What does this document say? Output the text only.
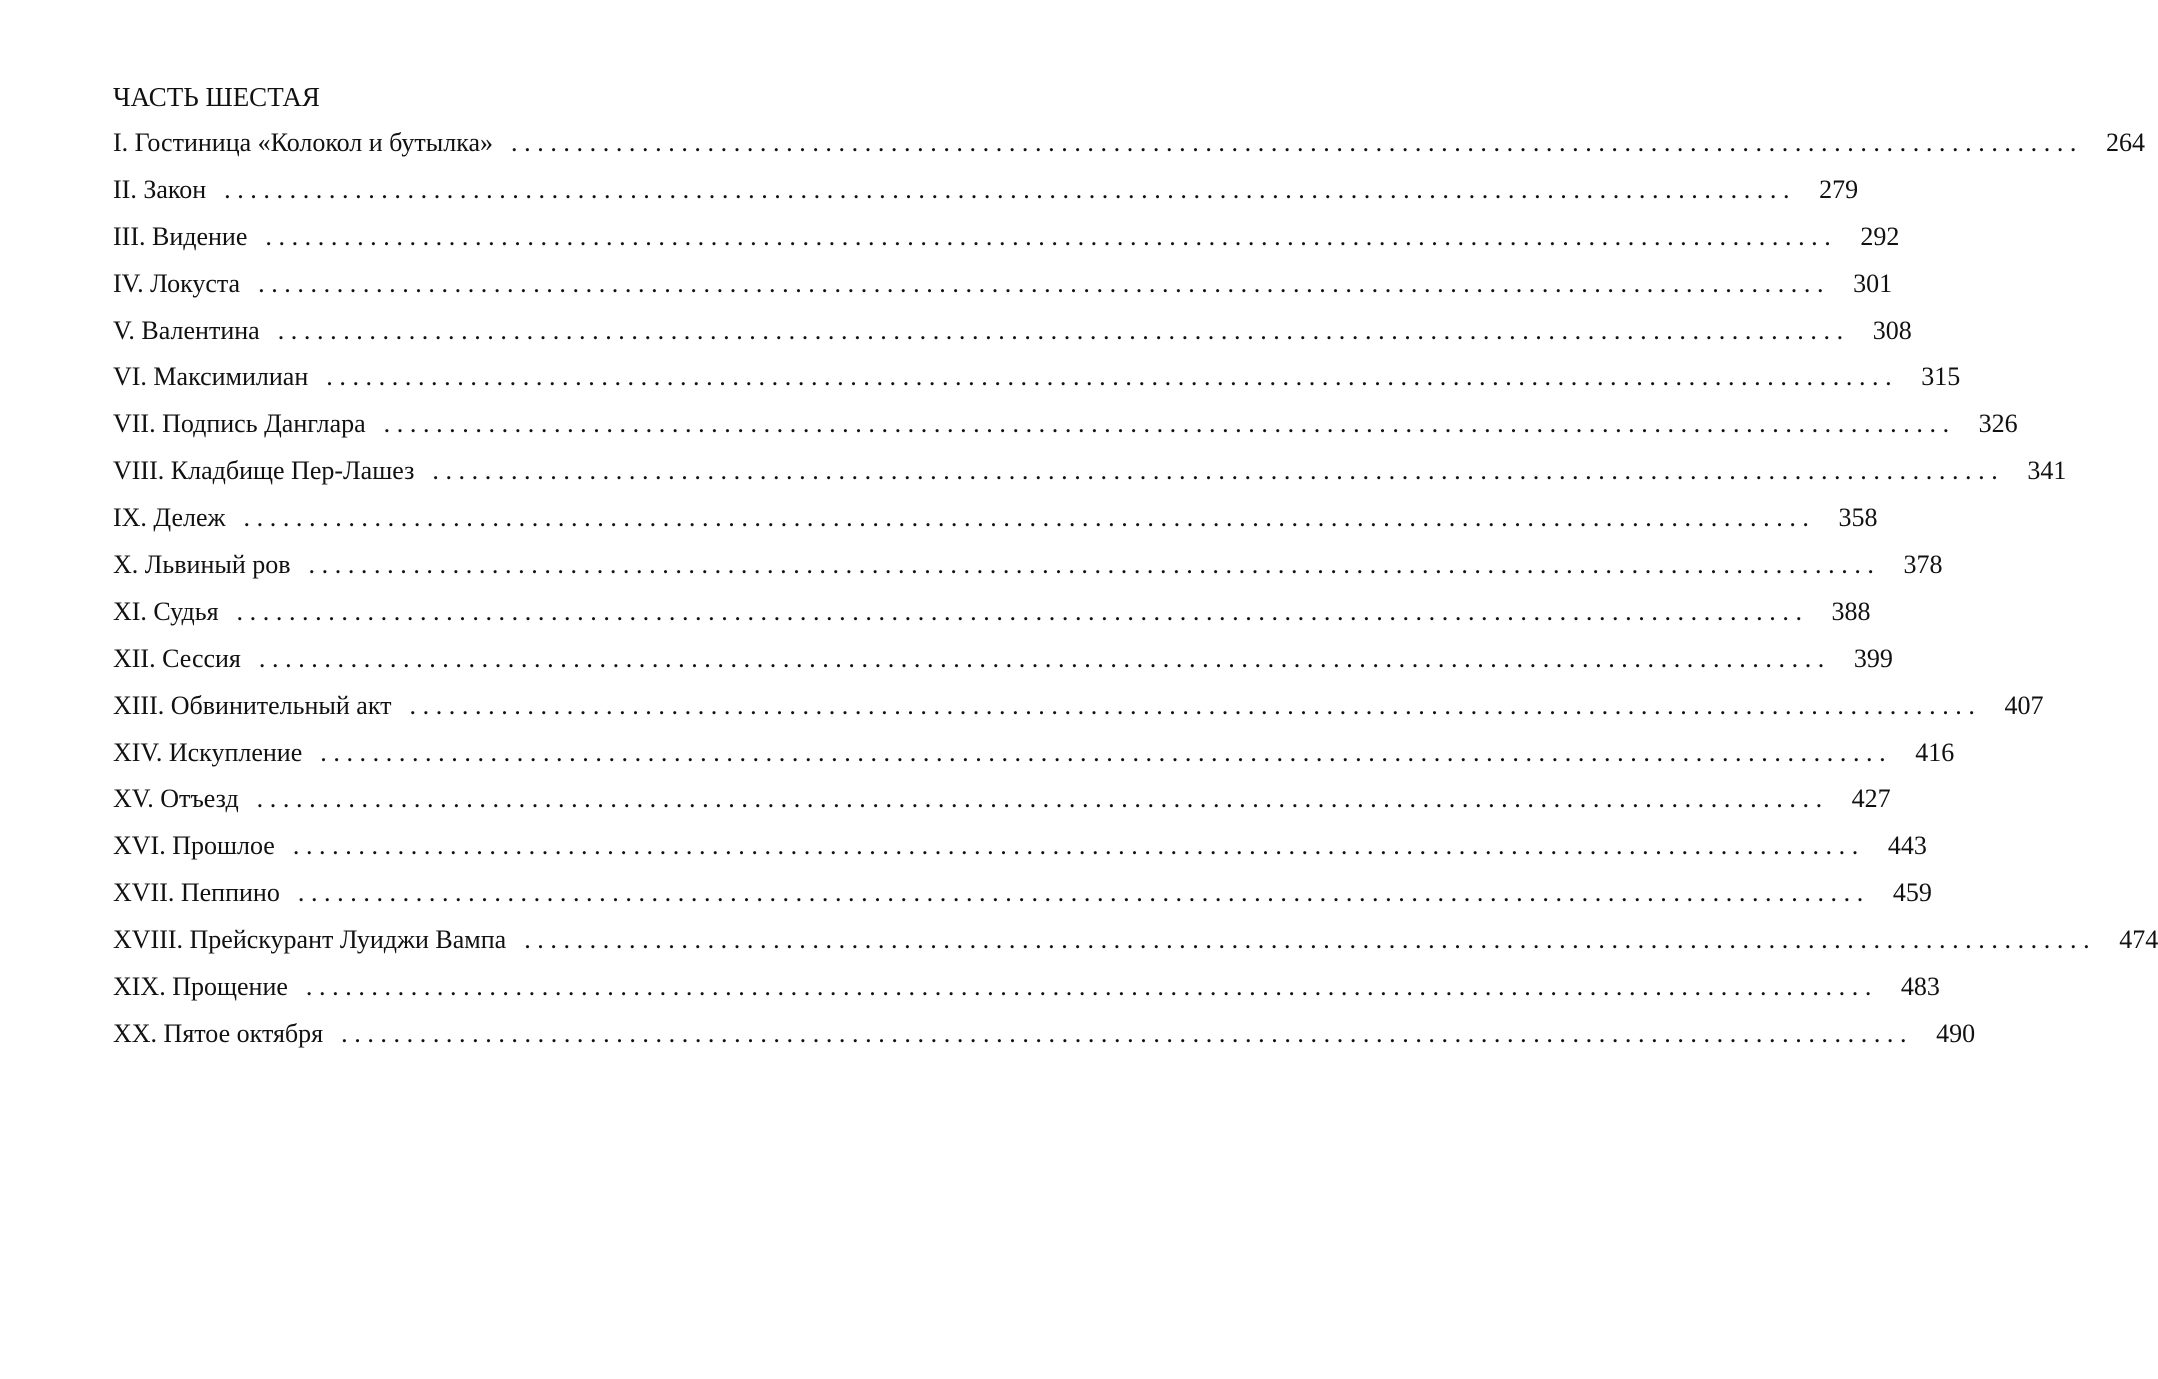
ЧАСТЬ ШЕСТАЯ
I. Гостиница «Колокол и бутылка» ........................................................................................................................ 264
II. Закон ........................................................................................................................ 279
III. Видение ........................................................................................................................ 292
IV. Локуста ........................................................................................................................ 301
V. Валентина ........................................................................................................................ 308
VI. Максимилиан ........................................................................................................................ 315
VII. Подпись Данглара ........................................................................................................................ 326
VIII. Кладбище Пер-Лашез ........................................................................................................................ 341
IX. Дележ ........................................................................................................................ 358
X. Львиный ров ........................................................................................................................ 378
XI. Судья ........................................................................................................................ 388
XII. Сессия ........................................................................................................................ 399
XIII. Обвинительный акт ........................................................................................................................ 407
XIV. Искупление ........................................................................................................................ 416
XV. Отъезд ........................................................................................................................ 427
XVI. Прошлое ........................................................................................................................ 443
XVII. Пеппино ........................................................................................................................ 459
XVIII. Прейскурант Луиджи Вампа ........................................................................................................................ 474
XIX. Прощение ........................................................................................................................ 483
XX. Пятое октября ........................................................................................................................ 490
